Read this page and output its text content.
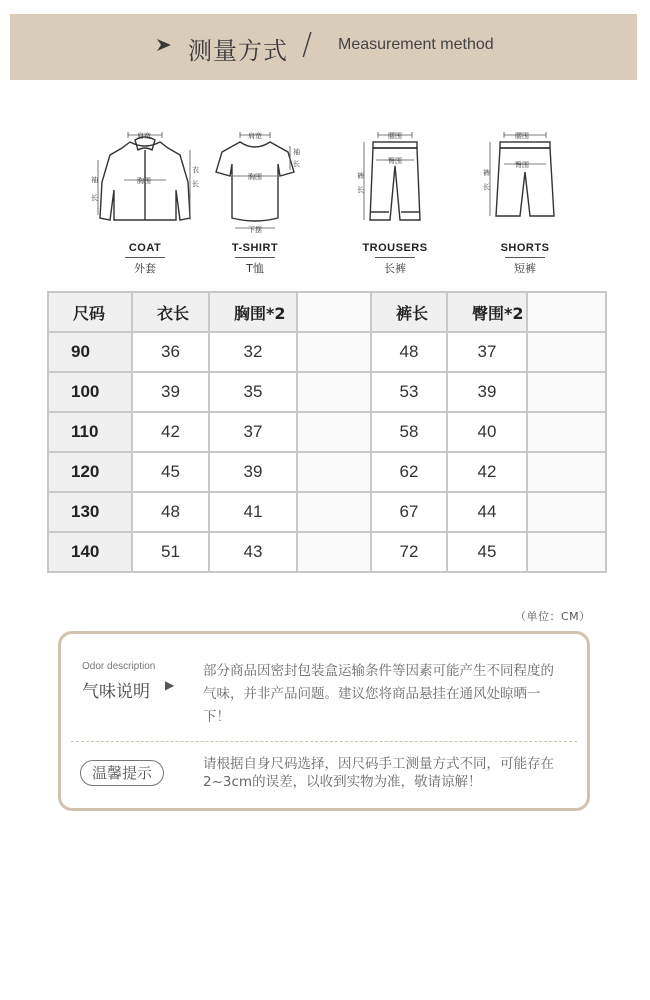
测量方式 / Measurement method
肩宽
胸围
袖
长
衣
长
COAT
外套
肩宽
胸围
下摆
袖
长
T-SHIRT
T恤
腰围
臀围
裤
长
TROUSERS
长裤
腰围
臀围
裤
长
SHORTS
短裤
尺码	衣长	胸围*2		裤长	臀围*2	
90	36	32		48	37	
100	39	35		53	39	
110	42	37		58	40	
120	45	39		62	42	
130	48	41		67	44	
140	51	43		72	45	
（单位：CM）
Odor description
气味说明 ▶
部分商品因密封包装盒运输条件等因素可能产生不同程度的气味，并非产品问题。建议您将商品悬挂在通风处晾晒一下！
温馨提示	请根据自身尺码选择，因尺码手工测量方式不同，可能存在2~3cm的误差，以收到实物为准，敬请谅解！
